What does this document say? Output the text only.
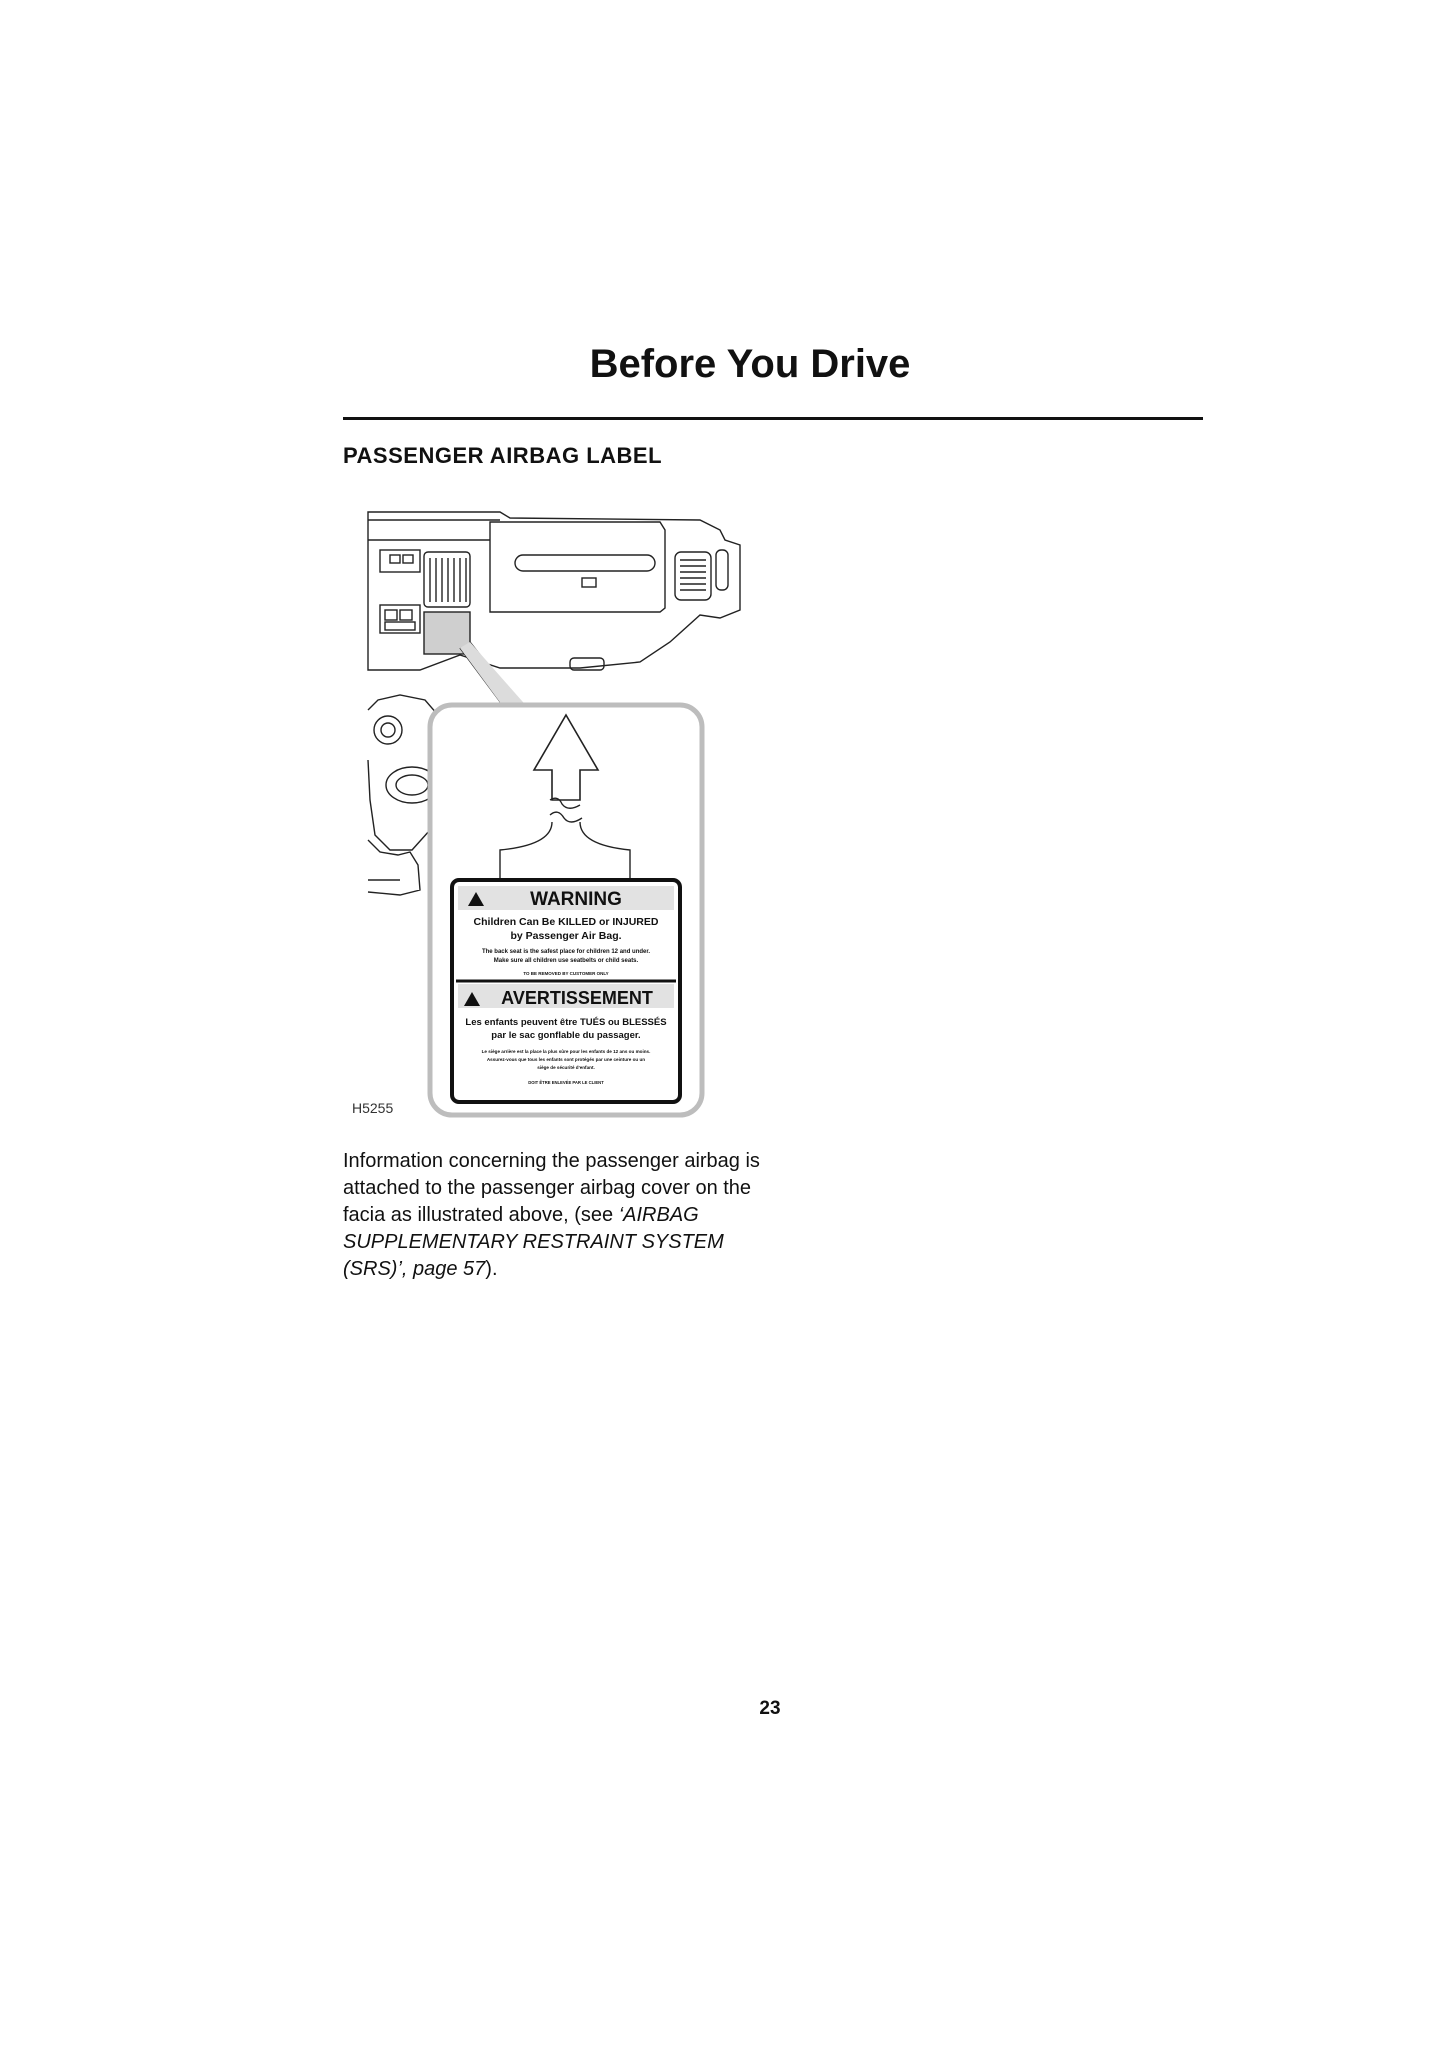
Before You Drive
PASSENGER AIRBAG LABEL
WARNING
Children Can Be KILLED or INJURED
by Passenger Air Bag.
The back seat is the safest place for children 12 and under.
Make sure all children use seatbelts or child seats.
TO BE REMOVED BY CUSTOMER ONLY
AVERTISSEMENT
Les enfants peuvent être TUÉS ou BLESSÉS
par le sac gonflable du passager.
Le siège arrière est la place la plus sûre pour les enfants de 12 ans ou moins.
Assurez-vous que tous les enfants sont protégés par une ceinture ou un
siège de sécurité d'enfant.
DOIT ÊTRE ENLEVÉE PAR LE CLIENT
H5255
Information concerning the passenger airbag is attached to the passenger airbag cover on the facia as illustrated above, (see ‘AIRBAG SUPPLEMENTARY RESTRAINT SYSTEM (SRS)’, page 57).
23
